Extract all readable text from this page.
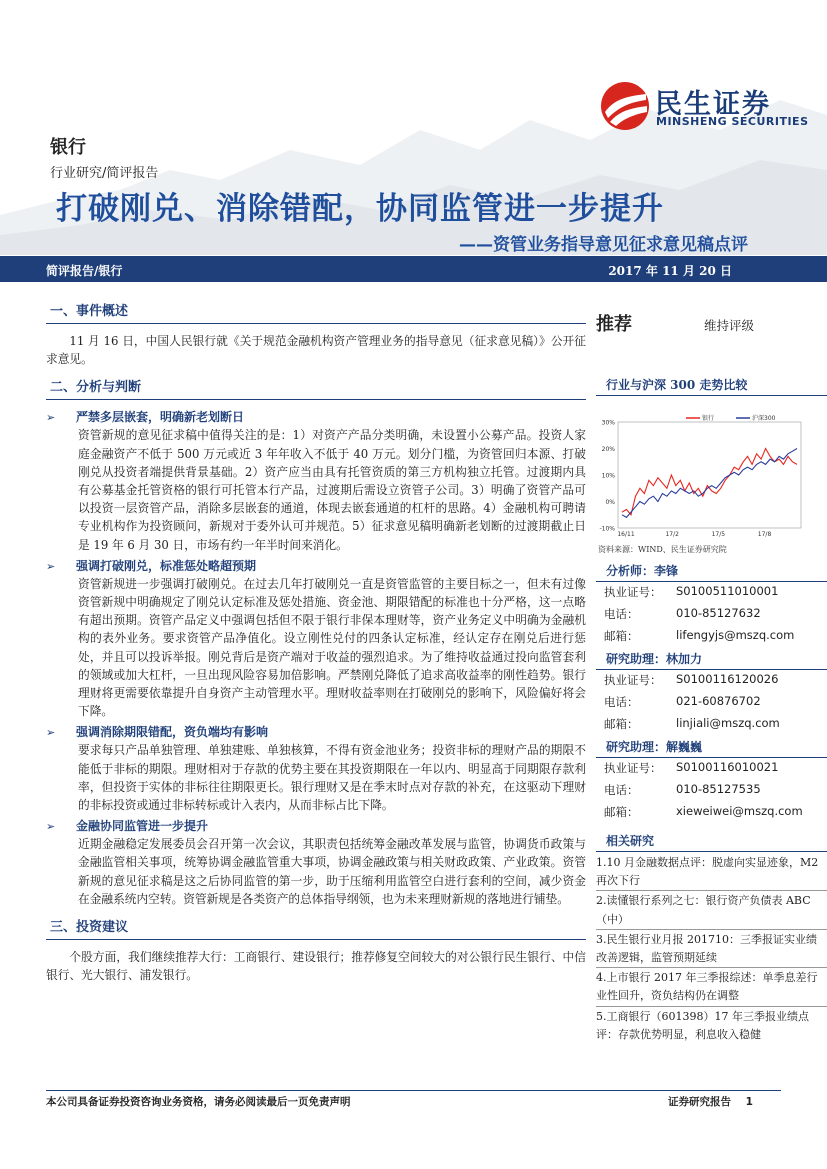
民生证券
MINSHENG SECURITIES
银行
行业研究/简评报告
打破刚兑、消除错配，协同监管进一步提升
——资管业务指导意见征求意见稿点评
简评报告/银行	2017 年 11 月 20 日
一、事件概述

11 月 16 日，中国人民银行就《关于规范金融机构资产管理业务的指导意见（征求意见稿）》公开征求意见。

二、分析与判断
➢ 严禁多层嵌套，明确新老划断日

资管新规的意见征求稿中值得关注的是：1）对资产产品分类明确，未设置小公募产品。投资人家庭金融资产不低于 500 万元或近 3 年年收入不低于 40 万元。划分门槛，为资管回归本源、打破刚兑从投资者端提供背景基础。2）资产应当由具有托管资质的第三方机构独立托管。过渡期内具有公募基金托管资格的银行可托管本行产品，过渡期后需设立资管子公司。3）明确了资管产品可以投资一层资管产品，消除多层嵌套的通道，体现去嵌套通道的杠杆的思路。4）金融机构可聘请专业机构作为投资顾问，新规对于委外认可并规范。5）征求意见稿明确新老划断的过渡期截止日是 19 年 6 月 30 日，市场有约一年半时间来消化。

➢ 强调打破刚兑，标准惩处略超预期

资管新规进一步强调打破刚兑。在过去几年打破刚兑一直是资管监管的主要目标之一，但未有过像资管新规中明确规定了刚兑认定标准及惩处措施、资金池、期限错配的标准也十分严格，这一点略有超出预期。资管产品定义中强调包括但不限于银行非保本理财等，资产业务定义中明确为金融机构的表外业务。要求资管产品净值化。设立刚性兑付的四条认定标准，经认定存在刚兑后进行惩处，并且可以投诉举报。刚兑背后是资产端对于收益的强烈追求。为了维持收益通过投向监管套利的领域或加大杠杆，一旦出现风险容易加倍影响。严禁刚兑降低了追求高收益率的刚性趋势。银行理财将更需要依靠提升自身资产主动管理水平。理财收益率则在打破刚兑的影响下，风险偏好将会下降。

➢ 强调消除期限错配，资负端均有影响

要求每只产品单独管理、单独建账、单独核算，不得有资金池业务；投资非标的理财产品的期限不能低于非标的期限。理财相对于存款的优势主要在其投资期限在一年以内、明显高于同期限存款利率，但投资于实体的非标往往期限更长。银行理财又是在季末时点对存款的补充，在这驱动下理财的非标投资或通过非标转标或计入表内，从而非标占比下降。

➢ 金融协同监管进一步提升

近期金融稳定发展委员会召开第一次会议，其职责包括统筹金融改革发展与监管，协调货币政策与金融监管相关事项，统筹协调金融监管重大事项，协调金融政策与相关财政政策、产业政策。资管新规的意见征求稿是这之后协同监管的第一步，助于压缩利用监管空白进行套利的空间，减少资金在金融系统内空转。资管新规是各类资产的总体指导纲领，也为未来理财新规的落地进行铺垫。

三、投资建议

个股方面，我们继续推荐大行：工商银行、建设银行；推荐修复空间较大的对公银行民生银行、中信银行、光大银行、浦发银行。

推荐	维持评级
行业与沪深 300 走势比较
30%
20%
10%
0%
-10%
16/11	17/2	17/5	17/8
银行	沪深300
资料来源：WIND、民生证券研究院
分析师：李锋
执业证号： S0100511010001
电话：	010-85127632
邮箱：	lifengyjs@mszq.com
研究助理：林加力
执业证号： S0100116120026
电话：	021-60876702
邮箱：	linjiali@mszq.com
研究助理：解巍巍
执业证号： S0100116010021
电话：	010-85127535
邮箱：	xieweiwei@mszq.com
相关研究
1.10 月金融数据点评：脱虚向实显迹象，M2 再次下行
2.读懂银行系列之七：银行资产负债表 ABC（中）
3.民生银行业月报 201710：三季报证实业绩改善逻辑，监管预期延续
4.上市银行 2017 年三季报综述：单季息差行业性回升，资负结构仍在调整
5.工商银行（601398）17 年三季报业绩点评：存款优势明显，利息收入稳健
本公司具备证券投资咨询业务资格，请务必阅读最后一页免责声明	证券研究报告 1
